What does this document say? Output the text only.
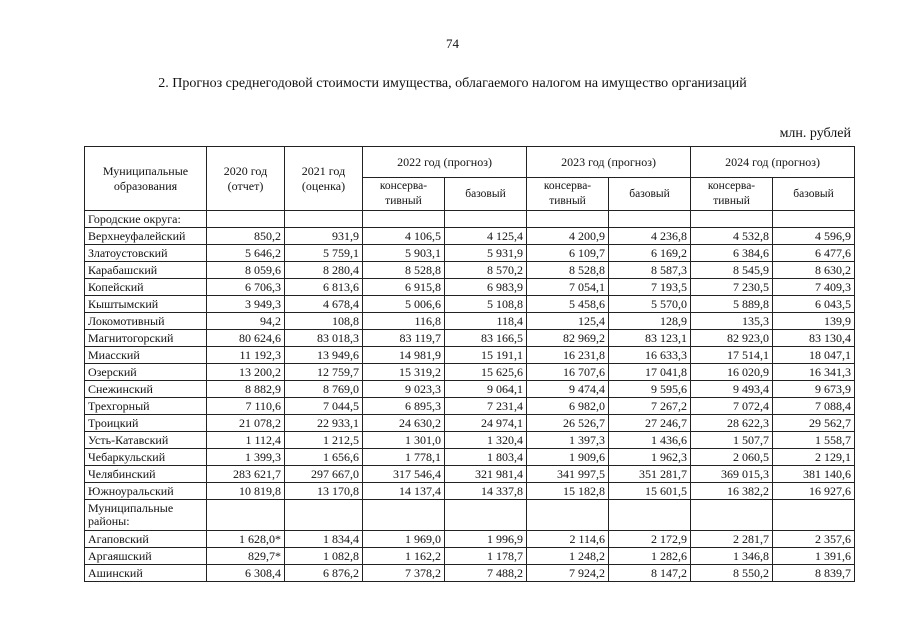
74
2. Прогноз среднегодовой стоимости имущества, облагаемого налогом на имущество организаций
млн. рублей
Муниципальные образования	2020 год (отчет)	2021 год (оценка)	2022 год (прогноз)		2023 год (прогноз)		2024 год (прогноз)	
			консерва-тивный	базовый	консерва-тивный	базовый	консерва-тивный	базовый
Городские округа:								
Верхнеуфалейский	850,2	931,9	4 106,5	4 125,4	4 200,9	4 236,8	4 532,8	4 596,9
Златоустовский	5 646,2	5 759,1	5 903,1	5 931,9	6 109,7	6 169,2	6 384,6	6 477,6
Карабашский	8 059,6	8 280,4	8 528,8	8 570,2	8 528,8	8 587,3	8 545,9	8 630,2
Копейский	6 706,3	6 813,6	6 915,8	6 983,9	7 054,1	7 193,5	7 230,5	7 409,3
Кыштымский	3 949,3	4 678,4	5 006,6	5 108,8	5 458,6	5 570,0	5 889,8	6 043,5
Локомотивный	94,2	108,8	116,8	118,4	125,4	128,9	135,3	139,9
Магнитогорский	80 624,6	83 018,3	83 119,7	83 166,5	82 969,2	83 123,1	82 923,0	83 130,4
Миасский	11 192,3	13 949,6	14 981,9	15 191,1	16 231,8	16 633,3	17 514,1	18 047,1
Озерский	13 200,2	12 759,7	15 319,2	15 625,6	16 707,6	17 041,8	16 020,9	16 341,3
Снежинский	8 882,9	8 769,0	9 023,3	9 064,1	9 474,4	9 595,6	9 493,4	9 673,9
Трехгорный	7 110,6	7 044,5	6 895,3	7 231,4	6 982,0	7 267,2	7 072,4	7 088,4
Троицкий	21 078,2	22 933,1	24 630,2	24 974,1	26 526,7	27 246,7	28 622,3	29 562,7
Усть-Катавский	1 112,4	1 212,5	1 301,0	1 320,4	1 397,3	1 436,6	1 507,7	1 558,7
Чебаркульский	1 399,3	1 656,6	1 778,1	1 803,4	1 909,6	1 962,3	2 060,5	2 129,1
Челябинский	283 621,7	297 667,0	317 546,4	321 981,4	341 997,5	351 281,7	369 015,3	381 140,6
Южноуральский	10 819,8	13 170,8	14 137,4	14 337,8	15 182,8	15 601,5	16 382,2	16 927,6
Муниципальные районы:								
Агаповский	1 628,0*	1 834,4	1 969,0	1 996,9	2 114,6	2 172,9	2 281,7	2 357,6
Аргаяшский	829,7*	1 082,8	1 162,2	1 178,7	1 248,2	1 282,6	1 346,8	1 391,6
Ашинский	6 308,4	6 876,2	7 378,2	7 488,2	7 924,2	8 147,2	8 550,2	8 839,7
